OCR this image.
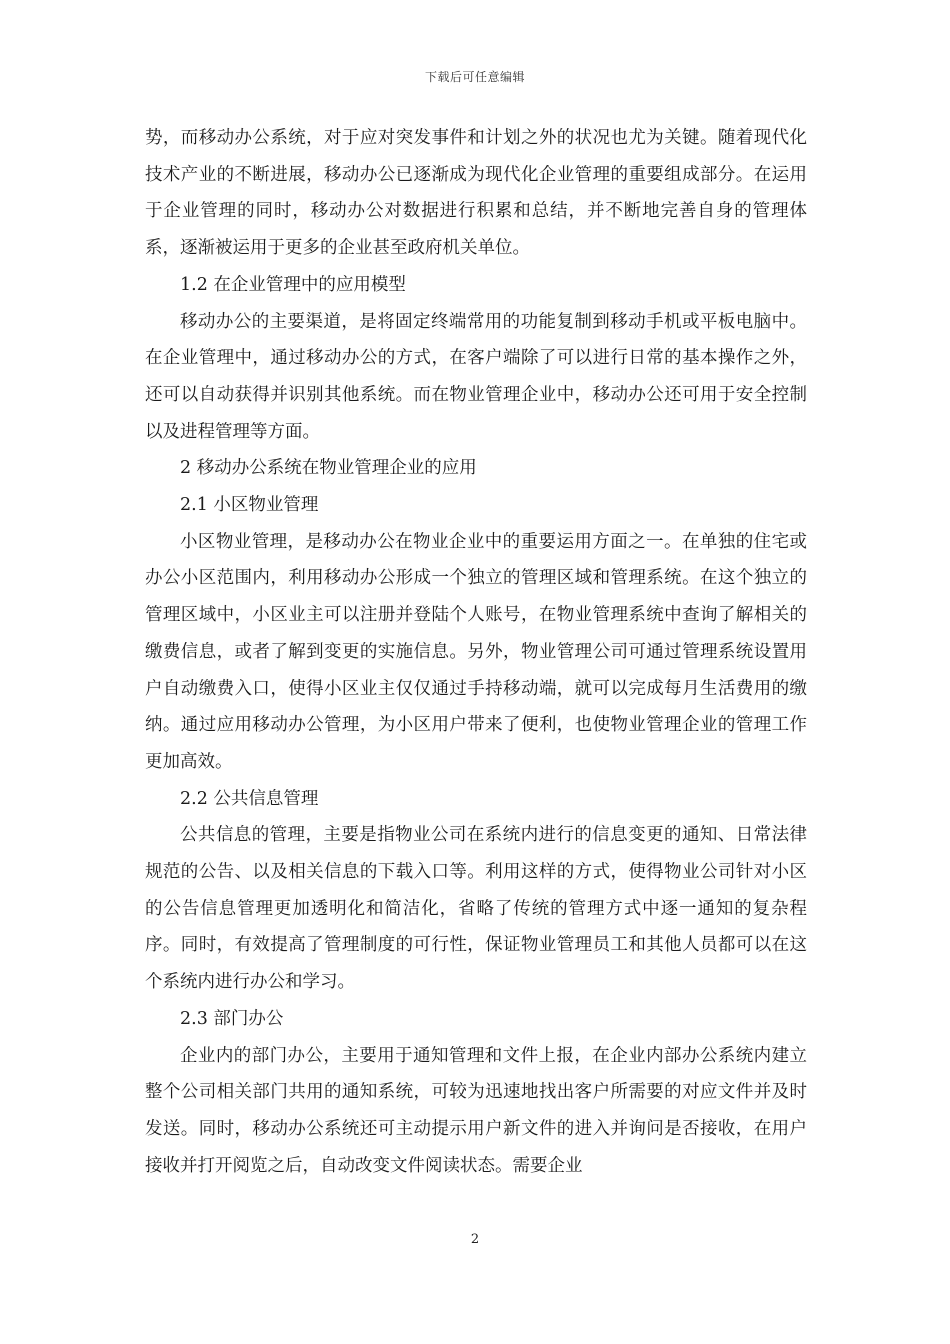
下载后可任意编辑

势，而移动办公系统，对于应对突发事件和计划之外的状况也尤为关键。随着现代化技术产业的不断进展，移动办公已逐渐成为现代化企业管理的重要组成部分。在运用于企业管理的同时，移动办公对数据进行积累和总结，并不断地完善自身的管理体系，逐渐被运用于更多的企业甚至政府机关单位。

1.2 在企业管理中的应用模型

移动办公的主要渠道，是将固定终端常用的功能复制到移动手机或平板电脑中。在企业管理中，通过移动办公的方式，在客户端除了可以进行日常的基本操作之外，还可以自动获得并识别其他系统。而在物业管理企业中，移动办公还可用于安全控制以及进程管理等方面。

2 移动办公系统在物业管理企业的应用

2.1 小区物业管理

小区物业管理，是移动办公在物业企业中的重要运用方面之一。在单独的住宅或办公小区范围内，利用移动办公形成一个独立的管理区域和管理系统。在这个独立的管理区域中，小区业主可以注册并登陆个人账号，在物业管理系统中查询了解相关的缴费信息，或者了解到变更的实施信息。另外，物业管理公司可通过管理系统设置用户自动缴费入口，使得小区业主仅仅通过手持移动端，就可以完成每月生活费用的缴纳。通过应用移动办公管理，为小区用户带来了便利，也使物业管理企业的管理工作更加高效。

2.2 公共信息管理

公共信息的管理，主要是指物业公司在系统内进行的信息变更的通知、日常法律规范的公告、以及相关信息的下载入口等。利用这样的方式，使得物业公司针对小区的公告信息管理更加透明化和简洁化，省略了传统的管理方式中逐一通知的复杂程序。同时，有效提高了管理制度的可行性，保证物业管理员工和其他人员都可以在这个系统内进行办公和学习。

2.3 部门办公

企业内的部门办公，主要用于通知管理和文件上报，在企业内部办公系统内建立整个公司相关部门共用的通知系统，可较为迅速地找出客户所需要的对应文件并及时发送。同时，移动办公系统还可主动提示用户新文件的进入并询问是否接收，在用户接收并打开阅览之后，自动改变文件阅读状态。需要企业

2
